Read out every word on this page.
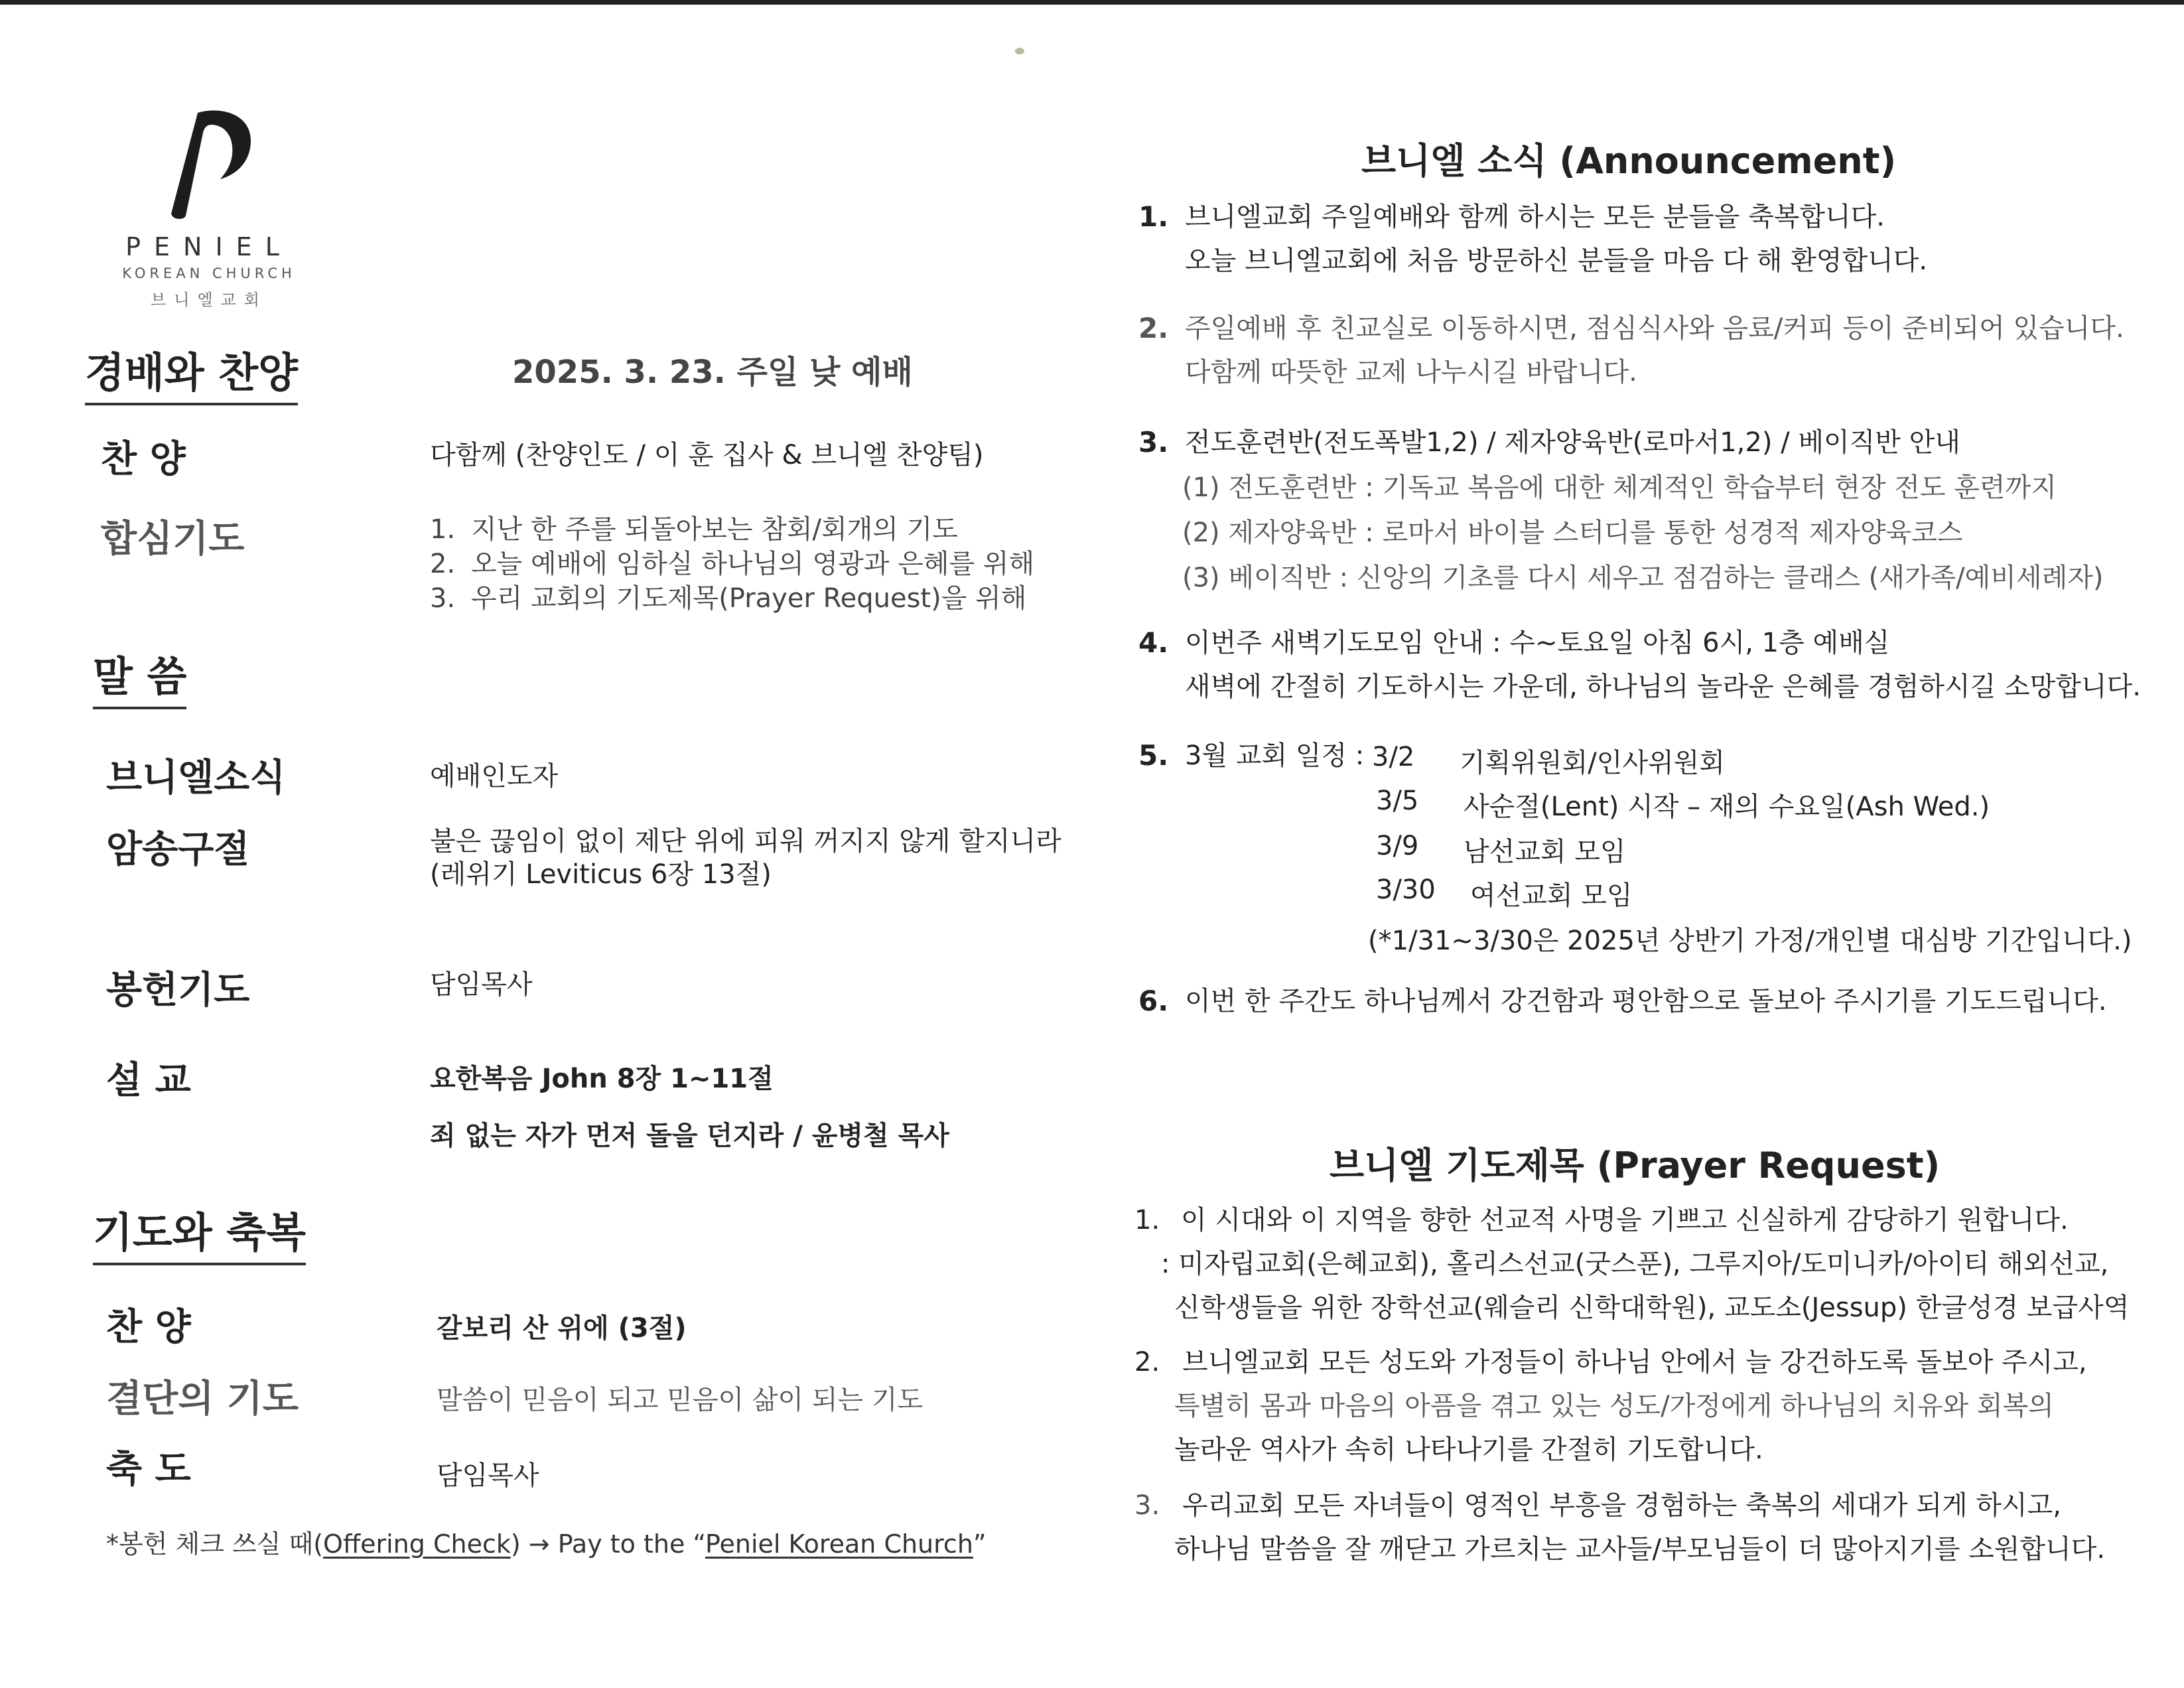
PENIEL
KOREAN CHURCH
브니엘교회
경배와 찬양	2025. 3. 23. 주일 낮 예배
찬 양	다함께 (찬양인도 / 이 훈 집사 & 브니엘 찬양팀)
합심기도	1. 지난 한 주를 되돌아보는 참회/회개의 기도
2. 오늘 예배에 임하실 하나님의 영광과 은혜를 위해
3. 우리 교회의 기도제목(Prayer Request)을 위해
말 씀
브니엘소식	예배인도자
암송구절	불은 끊임이 없이 제단 위에 피워 꺼지지 않게 할지니라
(레위기 Leviticus 6장 13절)
봉헌기도	담임목사
설 교	요한복음 John 8장 1~11절
죄 없는 자가 먼저 돌을 던지라 / 윤병철 목사
기도와 축복
찬 양	갈보리 산 위에 (3절)
결단의 기도	말씀이 믿음이 되고 믿음이 삶이 되는 기도
축 도	담임목사
*봉헌 체크 쓰실 때(Offering Check) → Pay to the “Peniel Korean Church”
브니엘 소식 (Announcement)
1. 브니엘교회 주일예배와 함께 하시는 모든 분들을 축복합니다.
오늘 브니엘교회에 처음 방문하신 분들을 마음 다 해 환영합니다.
2. 주일예배 후 친교실로 이동하시면, 점심식사와 음료/커피 등이 준비되어 있습니다.
다함께 따뜻한 교제 나누시길 바랍니다.
3. 전도훈련반(전도폭발1,2) / 제자양육반(로마서1,2) / 베이직반 안내
(1) 전도훈련반 : 기독교 복음에 대한 체계적인 학습부터 현장 전도 훈련까지
(2) 제자양육반 : 로마서 바이블 스터디를 통한 성경적 제자양육코스
(3) 베이직반 : 신앙의 기초를 다시 세우고 점검하는 클래스 (새가족/예비세례자)
4. 이번주 새벽기도모임 안내 : 수~토요일 아침 6시, 1층 예배실
새벽에 간절히 기도하시는 가운데, 하나님의 놀라운 은혜를 경험하시길 소망합니다.
5. 3월 교회 일정 : 3/2 기획위원회/인사위원회
3/5 사순절(Lent) 시작 – 재의 수요일(Ash Wed.)
3/9 남선교회 모임
3/30 여선교회 모임
(*1/31~3/30은 2025년 상반기 가정/개인별 대심방 기간입니다.)
6. 이번 한 주간도 하나님께서 강건함과 평안함으로 돌보아 주시기를 기도드립니다.
브니엘 기도제목 (Prayer Request)
1. 이 시대와 이 지역을 향한 선교적 사명을 기쁘고 신실하게 감당하기 원합니다.
: 미자립교회(은혜교회), 홀리스선교(굿스푼), 그루지아/도미니카/아이티 해외선교,
신학생들을 위한 장학선교(웨슬리 신학대학원), 교도소(Jessup) 한글성경 보급사역
2. 브니엘교회 모든 성도와 가정들이 하나님 안에서 늘 강건하도록 돌보아 주시고,
특별히 몸과 마음의 아픔을 겪고 있는 성도/가정에게 하나님의 치유와 회복의
놀라운 역사가 속히 나타나기를 간절히 기도합니다.
3. 우리교회 모든 자녀들이 영적인 부흥을 경험하는 축복의 세대가 되게 하시고,
하나님 말씀을 잘 깨닫고 가르치는 교사들/부모님들이 더 많아지기를 소원합니다.
